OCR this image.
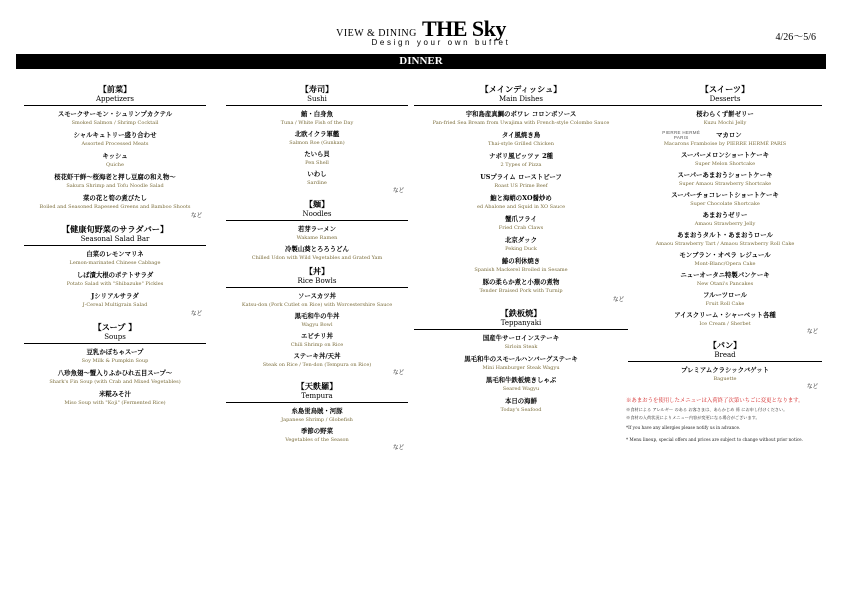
VIEW & DINING THE Sky
Design your own buffet	4/26～5/6
DINNER
【前菜】
Appetizers
スモークサーモン・シュリンプカクテル
Smoked Salmon / Shrimp Cocktail
シャルキュトリー盛り合わせ
Assorted Processed Meats
キッシュ
Quiche
桜花虾干鲜～桜海老と押し豆腐の和え物～
Sakura Shrimp and Tofu Noodle Salad
菜の花と筍の煮びたし
Boiled and Seasoned Rapeseed Greens and Bamboo Shoots
など
【健康旬野菜のサラダバー】
Seasonal Salad Bar
白菜のレモンマリネ
Lemon-marinated Chinese Cabbage
しば漬大根のポテトサラダ
Potato Salad with "Shibazuke" Pickles
Jシリアルサラダ
J-Cereal Multigrain Salad
など
【スープ 】
Soups
豆乳かぼちゃスープ
Soy Milk & Pumpkin Soup
八珍魚翅～蟹入りふかひれ五目スープ～
Shark's Fin Soup (with Crab and Mixed Vegetables)
米糀みそ汁
Miso Soup with "Koji" (Fermented Rice)
【寿司】
Sushi
鮪・白身魚
Tuna / White Fish of the Day
北欧イクラ軍艦
Salmon Roe (Gunkan)
たいら貝
Pen Shell
いわし
Sardine
など
【麺】
Noodles
若芽ラーメン
Wakame Ramen
冷製山葵とろろうどん
Chilled Udon with Wild Vegetables and Grated Yam
【丼】
Rice Bowls
ソースカツ丼
Katsu-don (Pork Cutlet on Rice) with Worcestershire Sauce
黒毛和牛の牛丼
Wagyu Bowl
エビチリ丼
Chili Shrimp on Rice
ステーキ丼/天丼
Steak on Rice / Ten-don (Tempura on Rice)
など
【天麩羅】
Tempura
糸島蛍烏賊・河豚
Japanese Shrimp / Globefish
季節の野菜
Vegetables of the Season
など
【メインディッシュ】
Main Dishes
宇和島産真鯛のポワレ コロンボソース
Pan-fried Sea Bream from Uwajima with French-style Colombo Sauce
タイ風焼き鳥
Thai-style Grilled Chicken
ナポリ風ピッツァ 2種
2 Types of Pizza
USプライム ローストビーフ
Roast US Prime Beef
鮑と海蛸のXO醤炒め
ed Abalone and Squid in XO Sauce
蟹爪フライ
Fried Crab Claws
北京ダック
Peking Duck
鰆の利休焼き
Spanish Mackerel Broiled in Sesame
豚の柔らか煮と小蕪の煮物
Tender Braised Pork with Turnip
など
【鉄板焼】
Teppanyaki
国産牛サーロインステーキ
Sirloin Steak
黒毛和牛のスモールハンバーグステーキ
Mini Hamburger Steak Wagyu
黒毛和牛鉄板焼きしゃぶ
Seared Wagyu
本日の海鮮
Today's Seafood
【スイーツ】
Desserts
桜わらくず餅ゼリー
Kuzu Mochi Jelly
PIERRE HERMÉ
PARIS	マカロン
Macarons Framboise by PIERRE HERMÉ PARIS
スーパーメロンショートケーキ
Super Melon Shortcake
スーパーあまおうショートケーキ
Super Amaou Strawberry Shortcake
スーパーチョコレートショートケーキ
Super Chocolate Shortcake
あまおうゼリー
Amaou Strawberry Jelly
あまおうタルト・あまおうロール
Amaou Strawberry Tart / Amaou Strawberry Roll Cake
モンブラン・オペラ レジュール
Mont-Blanc/Opera Cake
ニューオータニ特製パンケーキ
New Otani's Pancakes
フルーツロール
Fruit Roll Cake
アイスクリーム・シャーベット各種
Ice Cream / Sherbet
など
【パン】
Bread
プレミアムクラシックバゲット
Baguette
など
※あまおうを使用したメニューは入荷終了次第いちごに変更となります。
※食材による アレルギー のある お客さまは、あらかじめ 係 にお申し付けください。
※食材の入荷状況によりメニュー内容が変更になる場合がございます。
*If you have any allergies please notify us in advance.
* Menu lineup, special offers and prices are subject to change without prior notice.
